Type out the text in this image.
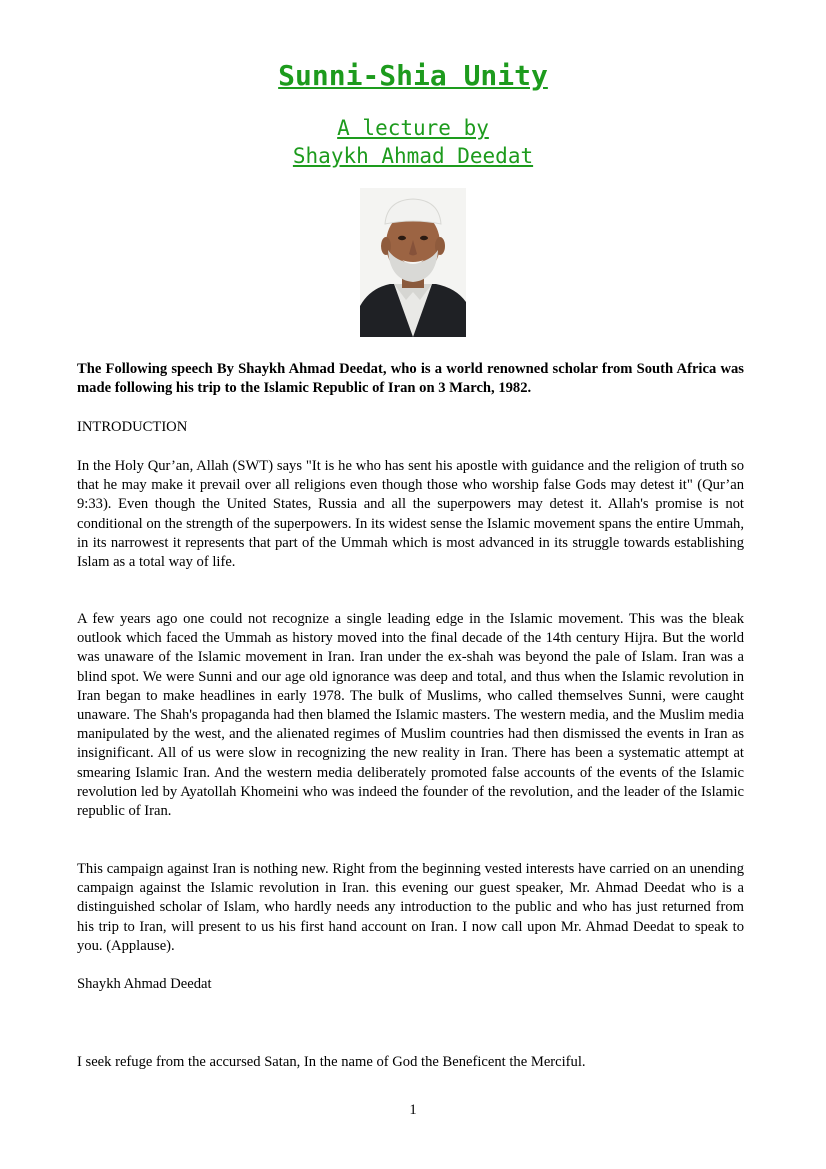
Sunni-Shia Unity
A lecture by
Shaykh Ahmad Deedat

The Following speech By Shaykh Ahmad Deedat, who is a world renowned scholar from South Africa was made following his trip to the Islamic Republic of Iran on 3 March, 1982.

INTRODUCTION

In the Holy Qur’an, Allah (SWT) says "It is he who has sent his apostle with guidance and the religion of truth so that he may make it prevail over all religions even though those who worship false Gods may detest it" (Qur’an 9:33). Even though the United States, Russia and all the superpowers may detest it. Allah's promise is not conditional on the strength of the superpowers. In its widest sense the Islamic movement spans the entire Ummah, in its narrowest it represents that part of the Ummah which is most advanced in its struggle towards establishing Islam as a total way of life.

A few years ago one could not recognize a single leading edge in the Islamic movement. This was the bleak outlook which faced the Ummah as history moved into the final decade of the 14th century Hijra. But the world was unaware of the Islamic movement in Iran. Iran under the ex-shah was beyond the pale of Islam. Iran was a blind spot. We were Sunni and our age old ignorance was deep and total, and thus when the Islamic revolution in Iran began to make headlines in early 1978. The bulk of Muslims, who called themselves Sunni, were caught unaware. The Shah's propaganda had then blamed the Islamic masters. The western media, and the Muslim media manipulated by the west, and the alienated regimes of Muslim countries had then dismissed the events in Iran as insignificant. All of us were slow in recognizing the new reality in Iran. There has been a systematic attempt at smearing Islamic Iran. And the western media deliberately promoted false accounts of the events of the Islamic revolution led by Ayatollah Khomeini who was indeed the founder of the revolution, and the leader of the Islamic republic of Iran.

This campaign against Iran is nothing new. Right from the beginning vested interests have carried on an unending campaign against the Islamic revolution in Iran. this evening our guest speaker, Mr. Ahmad Deedat who is a distinguished scholar of Islam, who hardly needs any introduction to the public and who has just returned from his trip to Iran, will present to us his first hand account on Iran. I now call upon Mr. Ahmad Deedat to speak to you. (Applause).

Shaykh Ahmad Deedat

I seek refuge from the accursed Satan, In the name of God the Beneficent the Merciful.

1
